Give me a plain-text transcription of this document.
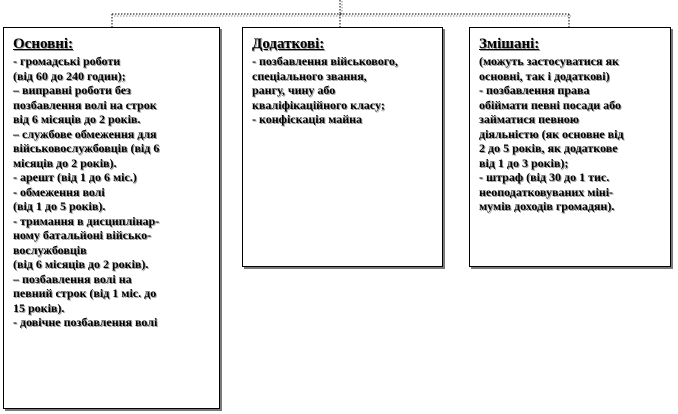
Основні:
- громадські роботи
(від 60 до 240 годин);
– виправні роботи без
позбавлення волі на строк
від 6 місяців до 2 років.
– службове обмеження для
військовослужбовців (від 6
місяців до 2 років).
- арешт (від 1 до 6 міс.)
- обмеження волі
(від 1 до 5 років).
- тримання в дисциплінар-
ному батальйоні військо-
вослужбовців
(від 6 місяців до 2 років).
– позбавлення волі на
певний строк (від 1 міс. до
15 років).
- довічне позбавлення волі
Додаткові:
- позбавлення військового,
спеціального звання,
рангу, чину або
кваліфікаційного класу;
- конфіскація майна
Змішані:
(можуть застосуватися як
основні, так і додаткові)
- позбавлення права
обіймати певні посади або
займатися певною
діяльністю (як основне від
2 до 5 років, як додаткове
від 1 до 3 років);
- штраф (від 30 до 1 тис.
неоподатковуваних міні-
мумів доходів громадян).
